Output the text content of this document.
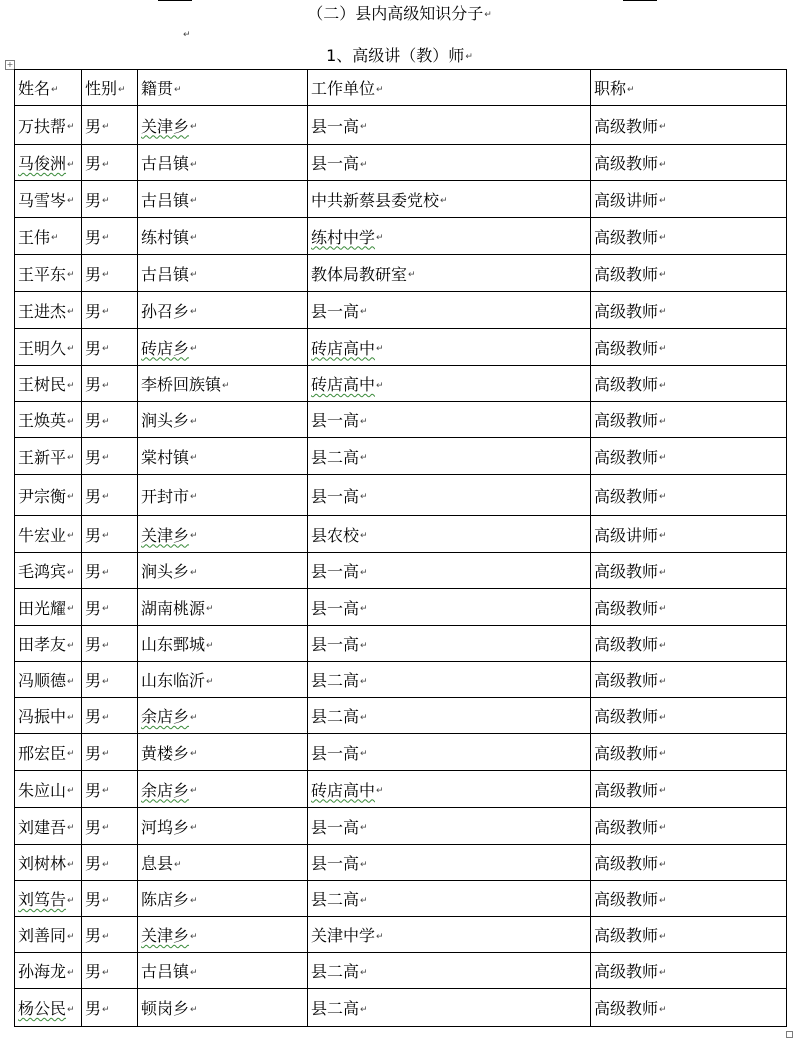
（二）县内高级知识分子↵
↵
1、高级讲（教）师↵
+
姓名↵	性别↵	籍贯↵	工作单位↵	职称↵
万扶帮↵	男↵	关津乡↵	县一高↵	高级教师↵
马俊洲↵	男↵	古吕镇↵	县一高↵	高级教师↵
马雪岑↵	男↵	古吕镇↵	中共新蔡县委党校↵	高级讲师↵
王伟↵	男↵	练村镇↵	练村中学↵	高级教师↵
王平东↵	男↵	古吕镇↵	教体局教研室↵	高级教师↵
王进杰↵	男↵	孙召乡↵	县一高↵	高级教师↵
王明久↵	男↵	砖店乡↵	砖店高中↵	高级教师↵
王树民↵	男↵	李桥回族镇↵	砖店高中↵	高级教师↵
王焕英↵	男↵	涧头乡↵	县一高↵	高级教师↵
王新平↵	男↵	棠村镇↵	县二高↵	高级教师↵
尹宗衡↵	男↵	开封市↵	县一高↵	高级教师↵
牛宏业↵	男↵	关津乡↵	县农校↵	高级讲师↵
毛鸿宾↵	男↵	涧头乡↵	县一高↵	高级教师↵
田光耀↵	男↵	湖南桃源↵	县一高↵	高级教师↵
田孝友↵	男↵	山东鄄城↵	县一高↵	高级教师↵
冯顺德↵	男↵	山东临沂↵	县二高↵	高级教师↵
冯振中↵	男↵	余店乡↵	县二高↵	高级教师↵
邢宏臣↵	男↵	黄楼乡↵	县一高↵	高级教师↵
朱应山↵	男↵	余店乡↵	砖店高中↵	高级教师↵
刘建吾↵	男↵	河坞乡↵	县一高↵	高级教师↵
刘树林↵	男↵	息县↵	县一高↵	高级教师↵
刘笃告↵	男↵	陈店乡↵	县二高↵	高级教师↵
刘善同↵	男↵	关津乡↵	关津中学↵	高级教师↵
孙海龙↵	男↵	古吕镇↵	县二高↵	高级教师↵
杨公民↵	男↵	顿岗乡↵	县二高↵	高级教师↵
